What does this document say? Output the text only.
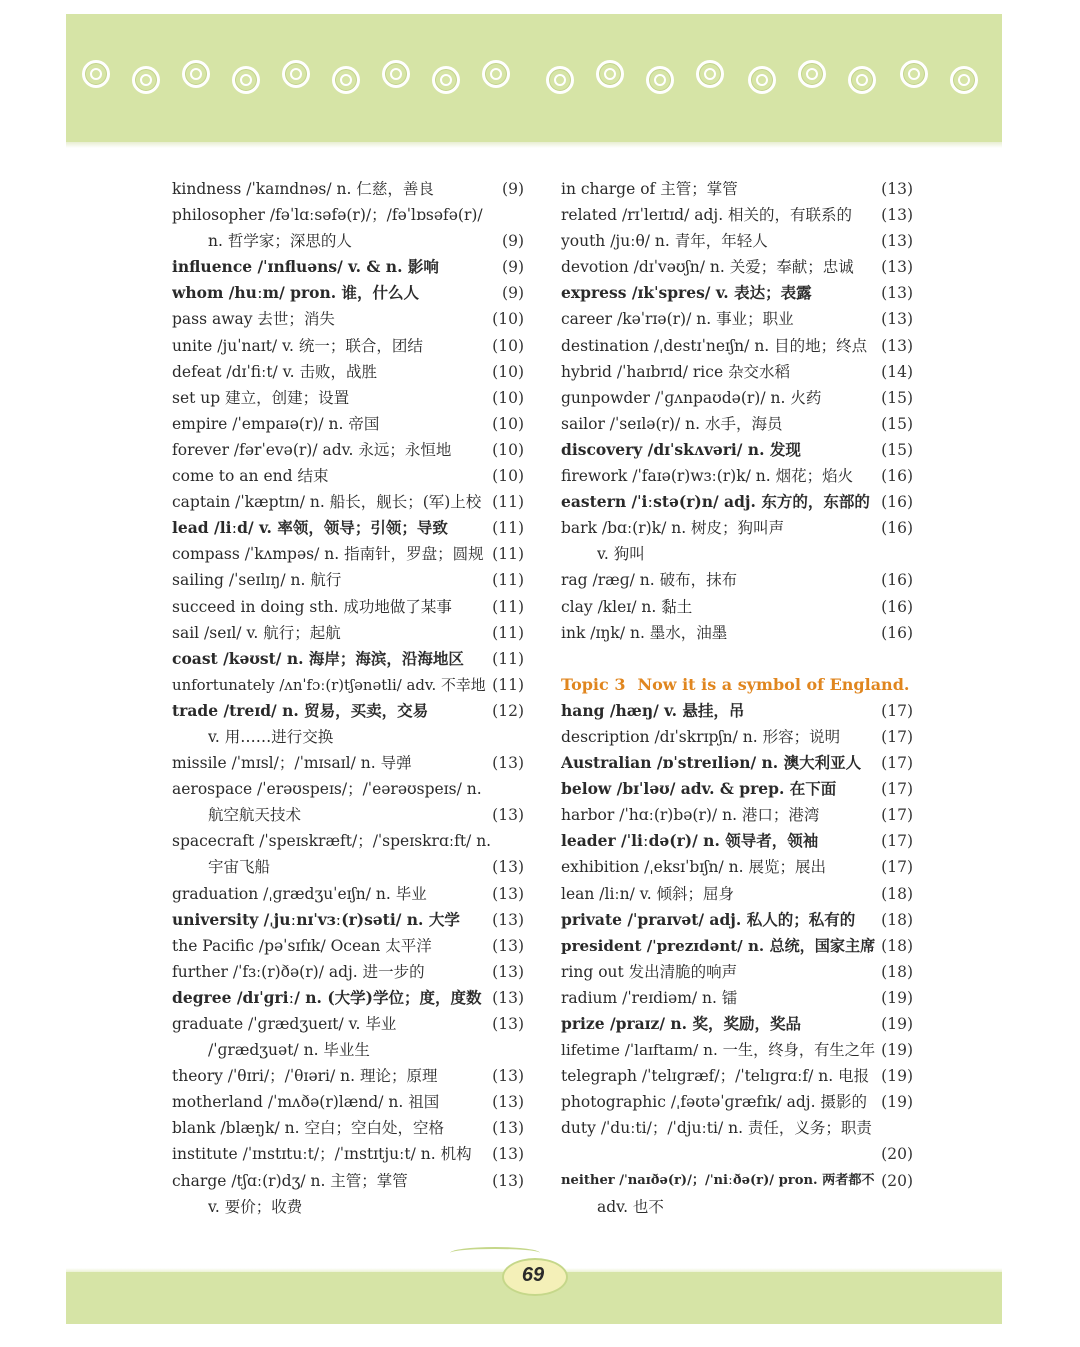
kindness /ˈkaɪndnəs/ n. 仁慈，善良	(9)
philosopher /fəˈlɑːsəfə(r)/；/fəˈlɒsəfə(r)/
n. 哲学家；深思的人	(9)
influence /ˈɪnfluəns/ v. & n. 影响	(9)
whom /huːm/ pron. 谁，什么人	(9)
pass away 去世；消失	(10)
unite /juˈnaɪt/ v. 统一；联合，团结	(10)
defeat /dɪˈfiːt/ v. 击败，战胜	(10)
set up 建立，创建；设置	(10)
empire /ˈempaɪə(r)/ n. 帝国	(10)
forever /fərˈevə(r)/ adv. 永远；永恒地	(10)
come to an end 结束	(10)
captain /ˈkæptɪn/ n. 船长，舰长；(军)上校 (11)
lead /liːd/ v. 率领，领导；引领；导致	(11)
compass /ˈkʌmpəs/ n. 指南针，罗盘；圆规 (11)
sailing /ˈseɪlɪŋ/ n. 航行	(11)
succeed in doing sth. 成功地做了某事	(11)
sail /seɪl/ v. 航行；起航	(11)
coast /kəʊst/ n. 海岸；海滨，沿海地区 (11)
unfortunately /ʌnˈfɔː(r)tʃənətli/ adv. 不幸地 (11)
trade /treɪd/ n. 贸易，买卖，交易	(12)
v. 用……进行交换
missile /ˈmɪsl/；/ˈmɪsaɪl/ n. 导弹	(13)
aerospace /ˈerəʊspeɪs/；/ˈeərəʊspeɪs/ n.
航空航天技术	(13)
spacecraft /ˈspeɪskræft/；/ˈspeɪskrɑːft/ n.
宇宙飞船	(13)
graduation /ˌɡrædʒuˈeɪʃn/ n. 毕业	(13)
university /ˌjuːnɪˈvɜː(r)səti/ n. 大学 (13)
the Pacific /pəˈsɪfɪk/ Ocean 太平洋	(13)
further /ˈfɜː(r)ðə(r)/ adj. 进一步的	(13)
degree /dɪˈɡriː/ n. (大学)学位；度，度数 (13)
graduate /ˈɡrædʒueɪt/ v. 毕业	(13)
/ˈɡrædʒuət/ n. 毕业生
theory /ˈθɪri/；/ˈθɪəri/ n. 理论；原理	(13)
motherland /ˈmʌðə(r)lænd/ n. 祖国	(13)
blank /blæŋk/ n. 空白；空白处，空格	(13)
institute /ˈɪnstɪtuːt/；/ˈɪnstɪtjuːt/ n. 机构 (13)
charge /tʃɑː(r)dʒ/ n. 主管；掌管	(13)
v. 要价；收费
in charge of 主管；掌管	(13)
related /rɪˈleɪtɪd/ adj. 相关的，有联系的 (13)
youth /juːθ/ n. 青年，年轻人	(13)
devotion /dɪˈvəʊʃn/ n. 关爱；奉献；忠诚 (13)
express /ɪkˈspres/ v. 表达；表露	(13)
career /kəˈrɪə(r)/ n. 事业；职业	(13)
destination /ˌdestɪˈneɪʃn/ n. 目的地；终点 (13)
hybrid /ˈhaɪbrɪd/ rice 杂交水稻	(14)
gunpowder /ˈɡʌnpaʊdə(r)/ n. 火药	(15)
sailor /ˈseɪlə(r)/ n. 水手，海员	(15)
discovery /dɪˈskʌvəri/ n. 发现	(15)
firework /ˈfaɪə(r)wɜː(r)k/ n. 烟花；焰火 (16)
eastern /ˈiːstə(r)n/ adj. 东方的，东部的 (16)
bark /bɑː(r)k/ n. 树皮；狗叫声	(16)
v. 狗叫
rag /ræɡ/ n. 破布，抹布	(16)
clay /kleɪ/ n. 黏土	(16)
ink /ɪŋk/ n. 墨水，油墨	(16)
Topic 3 Now it is a symbol of England.
hang /hæŋ/ v. 悬挂，吊	(17)
description /dɪˈskrɪpʃn/ n. 形容；说明	(17)
Australian /ɒˈstreɪliən/ n. 澳大利亚人 (17)
below /bɪˈləʊ/ adv. & prep. 在下面	(17)
harbor /ˈhɑː(r)bə(r)/ n. 港口；港湾	(17)
leader /ˈliːdə(r)/ n. 领导者，领袖	(17)
exhibition /ˌeksɪˈbɪʃn/ n. 展览；展出	(17)
lean /liːn/ v. 倾斜；屈身	(18)
private /ˈpraɪvət/ adj. 私人的；私有的 (18)
president /ˈprezɪdənt/ n. 总统，国家主席 (18)
ring out 发出清脆的响声	(18)
radium /ˈreɪdiəm/ n. 镭	(19)
prize /praɪz/ n. 奖，奖励，奖品	(19)
lifetime /ˈlaɪftaɪm/ n. 一生，终身，有生之年 (19)
telegraph /ˈtelɪɡræf/；/ˈtelɪɡrɑːf/ n. 电报 (19)
photographic /ˌfəʊtəˈɡræfɪk/ adj. 摄影的 (19)
duty /ˈduːti/；/ˈdjuːti/ n. 责任，义务；职责
(20)
neither /ˈnaɪðə(r)/；/ˈniːðə(r)/ pron. 两者都不 (20)
adv. 也不
69
